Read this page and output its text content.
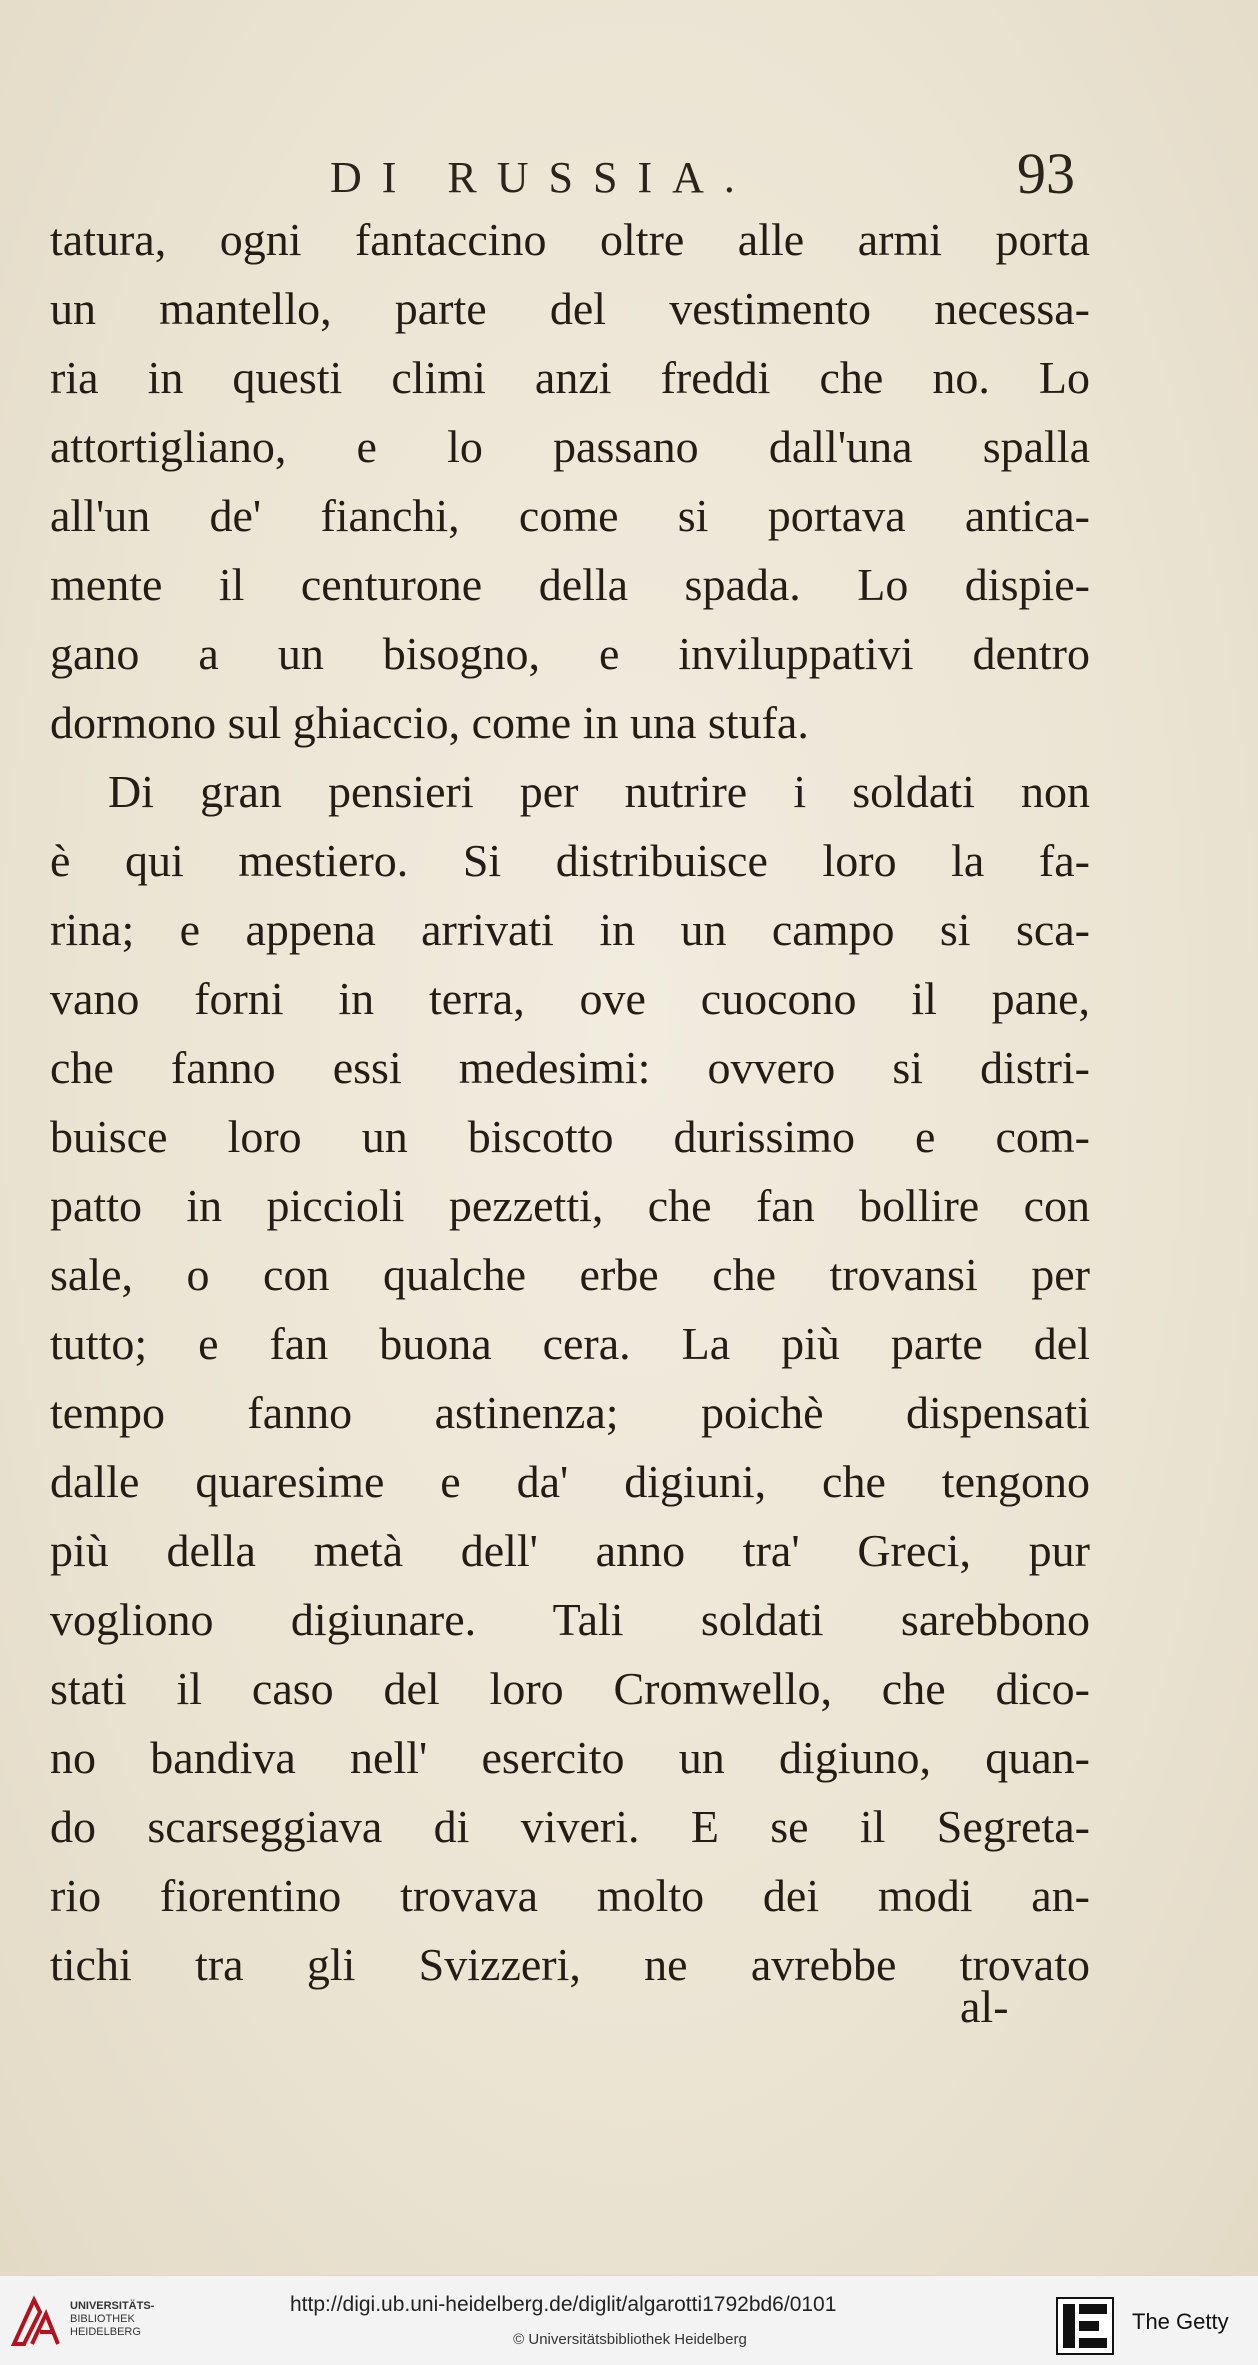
DI RUSSIA.	93
tatura, ogni fantaccino oltre alle armi porta
un mantello, parte del vestimento necessa-
ria in questi climi anzi freddi che no. Lo
attortigliano, e lo passano dall'una spalla
all'un de' fianchi, come si portava antica-
mente il centurone della spada. Lo dispie-
gano a un bisogno, e inviluppativi dentro
dormono sul ghiaccio, come in una stufa.
Di gran pensieri per nutrire i soldati non
è qui mestiero. Si distribuisce loro la fa-
rina; e appena arrivati in un campo si sca-
vano forni in terra, ove cuocono il pane,
che fanno essi medesimi: ovvero si distri-
buisce loro un biscotto durissimo e com-
patto in piccioli pezzetti, che fan bollire con
sale, o con qualche erbe che trovansi per
tutto; e fan buona cera. La più parte del
tempo fanno astinenza; poichè dispensati
dalle quaresime e da' digiuni, che tengono
più della metà dell' anno tra' Greci, pur
vogliono digiunare. Tali soldati sarebbono
stati il caso del loro Cromwello, che dico-
no bandiva nell' esercito un digiuno, quan-
do scarseggiava di viveri. E se il Segreta-
rio fiorentino trovava molto dei modi an-
tichi tra gli Svizzeri, ne avrebbe trovato
al-
UNIVERSITÄTS-
BIBLIOTHEK
HEIDELBERG
http://digi.ub.uni-heidelberg.de/diglit/algarotti1792bd6/0101
© Universitätsbibliothek Heidelberg
The Getty
